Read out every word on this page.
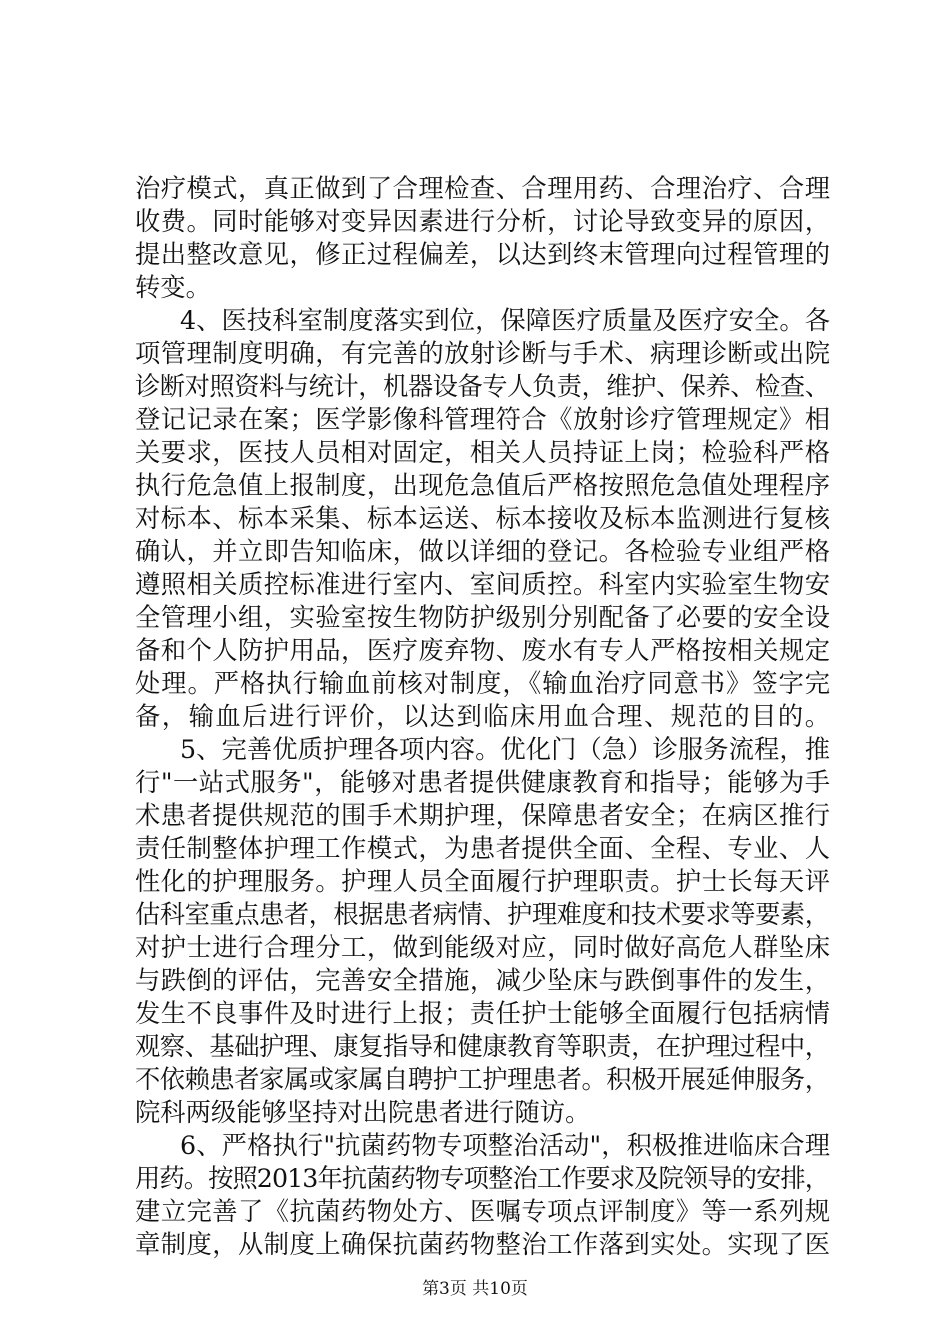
治疗模式，真正做到了合理检查、合理用药、合理治疗、合理
收费。同时能够对变异因素进行分析，讨论导致变异的原因，
提出整改意见，修正过程偏差，以达到终末管理向过程管理的
转变。
4、医技科室制度落实到位，保障医疗质量及医疗安全。各
项管理制度明确，有完善的放射诊断与手术、病理诊断或出院
诊断对照资料与统计，机器设备专人负责，维护、保养、检查、
登记记录在案；医学影像科管理符合《放射诊疗管理规定》相
关要求，医技人员相对固定，相关人员持证上岗；检验科严格
执行危急值上报制度，出现危急值后严格按照危急值处理程序
对标本、标本采集、标本运送、标本接收及标本监测进行复核
确认，并立即告知临床，做以详细的登记。各检验专业组严格
遵照相关质控标准进行室内、室间质控。科室内实验室生物安
全管理小组，实验室按生物防护级别分别配备了必要的安全设
备和个人防护用品，医疗废弃物、废水有专人严格按相关规定
处理。严格执行输血前核对制度，《输血治疗同意书》签字完
备，输血后进行评价，以达到临床用血合理、规范的目的。
5、完善优质护理各项内容。优化门（急）诊服务流程，推
行"一站式服务"，能够对患者提供健康教育和指导；能够为手
术患者提供规范的围手术期护理，保障患者安全；在病区推行
责任制整体护理工作模式，为患者提供全面、全程、专业、人
性化的护理服务。护理人员全面履行护理职责。护士长每天评
估科室重点患者，根据患者病情、护理难度和技术要求等要素，
对护士进行合理分工，做到能级对应，同时做好高危人群坠床
与跌倒的评估，完善安全措施，减少坠床与跌倒事件的发生，
发生不良事件及时进行上报；责任护士能够全面履行包括病情
观察、基础护理、康复指导和健康教育等职责，在护理过程中，
不依赖患者家属或家属自聘护工护理患者。积极开展延伸服务，
院科两级能够坚持对出院患者进行随访。
6、严格执行"抗菌药物专项整治活动"，积极推进临床合理
用药。按照2013年抗菌药物专项整治工作要求及院领导的安排，
建立完善了《抗菌药物处方、医嘱专项点评制度》等一系列规
章制度，从制度上确保抗菌药物整治工作落到实处。实现了医
第3页 共10页
